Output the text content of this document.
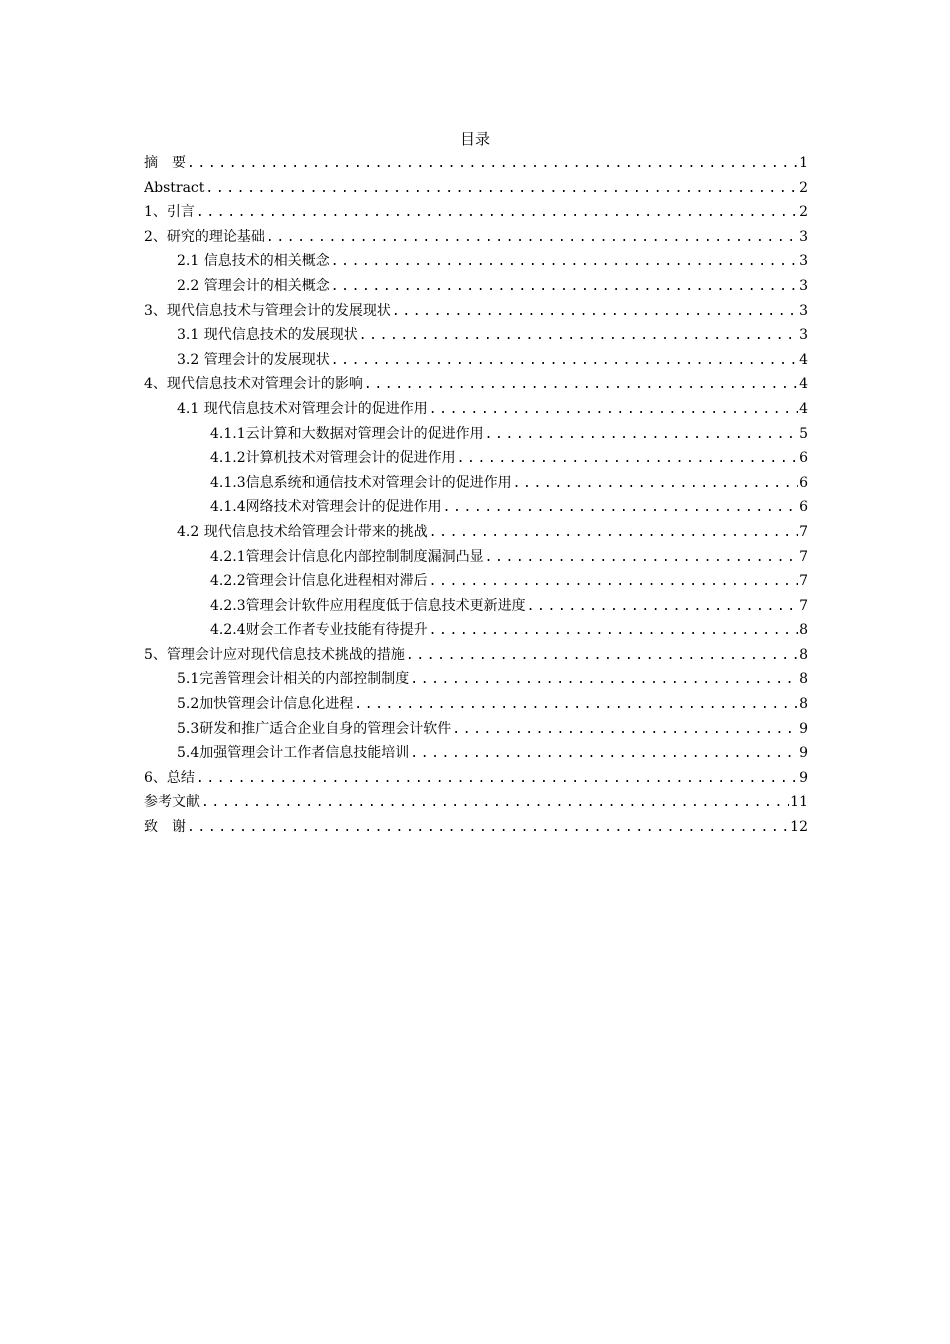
目录
摘　要 .....	1
Abstract .....	2
1、引言 .....	2
2、研究的理论基础 .....	3
2.1 信息技术的相关概念 .....	3
2.2 管理会计的相关概念 .....	3
3、现代信息技术与管理会计的发展现状 .....	3
3.1 现代信息技术的发展现状 .....	3
3.2 管理会计的发展现状 .....	4
4、现代信息技术对管理会计的影响 .....	4
4.1 现代信息技术对管理会计的促进作用 .....	4
4.1.1云计算和大数据对管理会计的促进作用 .....	5
4.1.2计算机技术对管理会计的促进作用 .....	6
4.1.3信息系统和通信技术对管理会计的促进作用 .....	6
4.1.4网络技术对管理会计的促进作用 .....	6
4.2 现代信息技术给管理会计带来的挑战 .....	7
4.2.1管理会计信息化内部控制制度漏洞凸显 .....	7
4.2.2管理会计信息化进程相对滞后 .....	7
4.2.3管理会计软件应用程度低于信息技术更新进度 .....	7
4.2.4财会工作者专业技能有待提升 .....	8
5、管理会计应对现代信息技术挑战的措施 .....	8
5.1完善管理会计相关的内部控制制度 .....	8
5.2加快管理会计信息化进程 .....	8
5.3研发和推广适合企业自身的管理会计软件 .....	9
5.4加强管理会计工作者信息技能培训 .....	9
6、总结 .....	9
参考文献 .....	11
致　谢 .....	12
